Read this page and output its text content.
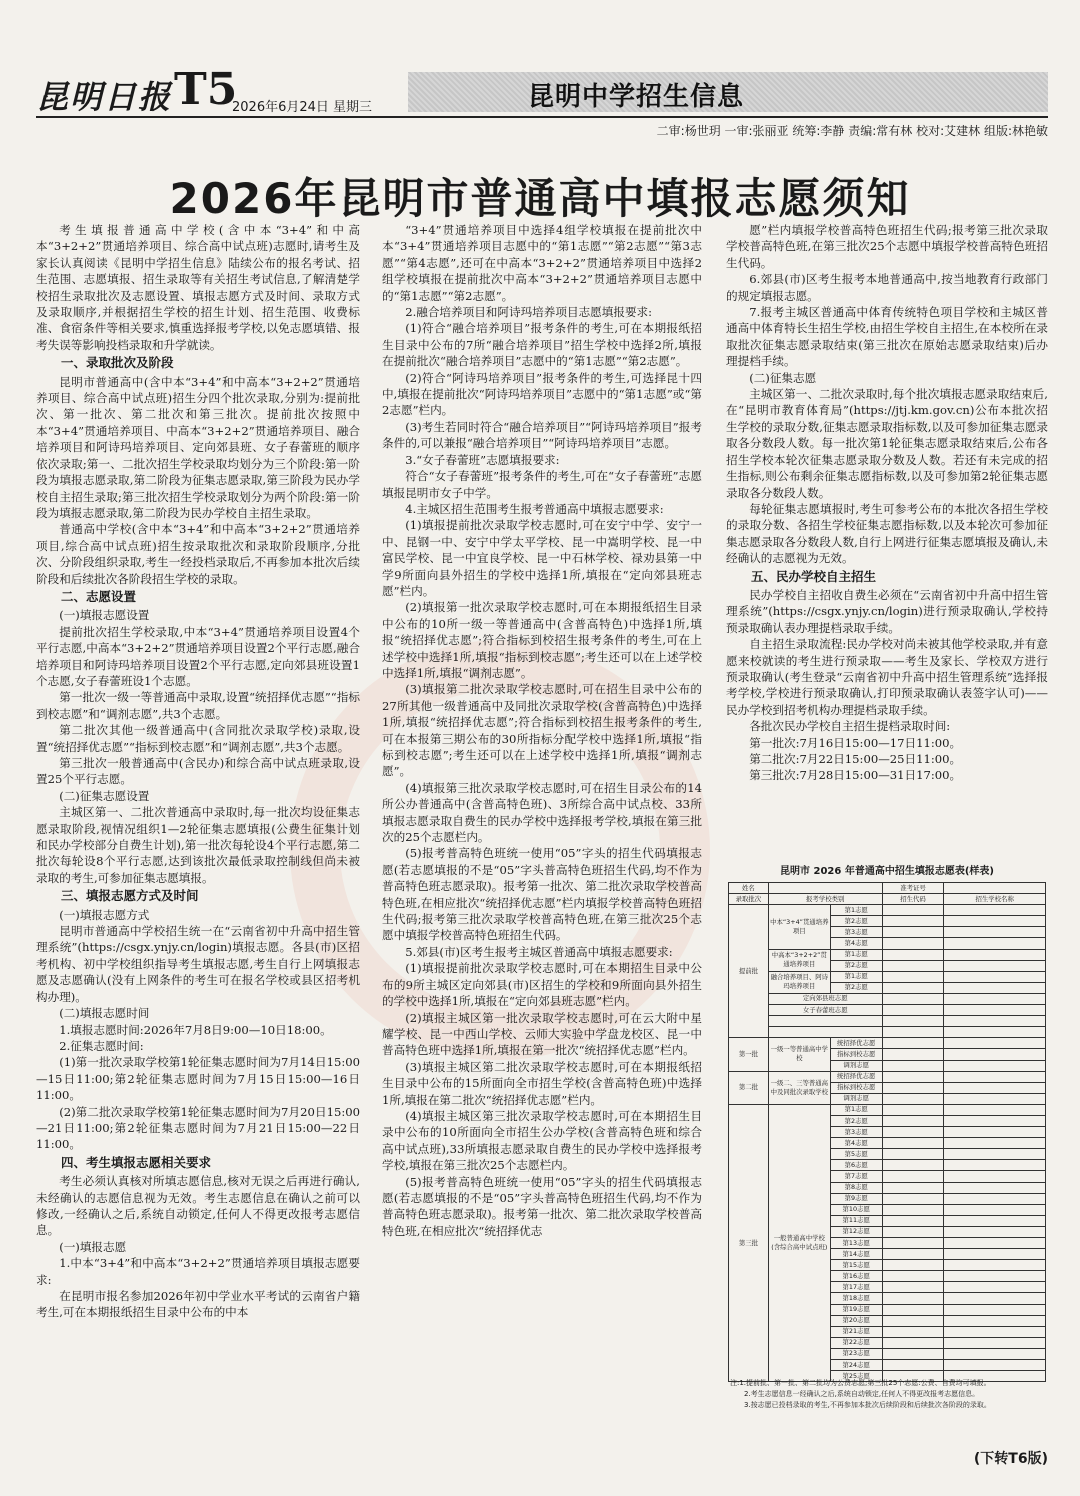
昆明日报 T5
2026年6月24日 星期三	昆明中学招生信息
二审:杨世玥 一审:张丽亚 统筹:李静 责编:常有林 校对:艾建林 组版:林艳敏
2026年昆明市普通高中填报志愿须知

考生填报普通高中学校(含中本“3+4”和中高本“3+2+2”贯通培养项目、综合高中试点班)志愿时,请考生及家长认真阅读《昆明中学招生信息》陆续公布的报名考试、招生范围、志愿填报、招生录取等有关招生考试信息,了解清楚学校招生录取批次及志愿设置、填报志愿方式及时间、录取方式及录取顺序,并根据招生学校的招生计划、招生范围、收费标准、食宿条件等相关要求,慎重选择报考学校,以免志愿填错、报考失误等影响投档录取和升学就读。

一、录取批次及阶段

昆明市普通高中(含中本“3+4”和中高本“3+2+2”贯通培养项目、综合高中试点班)招生分四个批次录取,分别为:提前批次、第一批次、第二批次和第三批次。提前批次按照中本“3+4”贯通培养项目、中高本“3+2+2”贯通培养项目、融合培养项目和阿诗玛培养项目、定向郊县班、女子春蕾班的顺序依次录取;第一、二批次招生学校录取均划分为三个阶段:第一阶段为填报志愿录取,第二阶段为征集志愿录取,第三阶段为民办学校自主招生录取;第三批次招生学校录取划分为两个阶段:第一阶段为填报志愿录取,第二阶段为民办学校自主招生录取。

普通高中学校(含中本“3+4”和中高本“3+2+2”贯通培养项目,综合高中试点班)招生按录取批次和录取阶段顺序,分批次、分阶段组织录取,考生一经投档录取后,不再参加本批次后续阶段和后续批次各阶段招生学校的录取。

二、志愿设置

(一)填报志愿设置

提前批次招生学校录取,中本“3+4”贯通培养项目设置4个平行志愿,中高本“3+2+2”贯通培养项目设置2个平行志愿,融合培养项目和阿诗玛培养项目设置2个平行志愿,定向郊县班设置1个志愿,女子春蕾班设1个志愿。

第一批次一级一等普通高中录取,设置“统招择优志愿”“指标到校志愿”和“调剂志愿”,共3个志愿。

第二批次其他一级普通高中(含同批次录取学校)录取,设置“统招择优志愿”“指标到校志愿”和“调剂志愿”,共3个志愿。

第三批次一般普通高中(含民办)和综合高中试点班录取,设置25个平行志愿。

(二)征集志愿设置

主城区第一、二批次普通高中录取时,每一批次均设征集志愿录取阶段,视情况组织1—2轮征集志愿填报(公费生征集计划和民办学校部分自费生计划),第一批次每轮设4个平行志愿,第二批次每轮设8个平行志愿,达到该批次最低录取控制线但尚未被录取的考生,可参加征集志愿填报。

三、填报志愿方式及时间

(一)填报志愿方式

昆明市普通高中学校招生统一在“云南省初中升高中招生管理系统”(https://csgx.ynjy.cn/login)填报志愿。各县(市)区招考机构、初中学校组织指导考生填报志愿,考生自行上网填报志愿及志愿确认(没有上网条件的考生可在报名学校或县区招考机构办理)。

(二)填报志愿时间

1.填报志愿时间:2026年7月8日9:00—10日18:00。

2.征集志愿时间:

(1)第一批次录取学校第1轮征集志愿时间为7月14日15:00—15日11:00;第2轮征集志愿时间为7月15日15:00—16日11:00。

(2)第二批次录取学校第1轮征集志愿时间为7月20日15:00—21日11:00;第2轮征集志愿时间为7月21日15:00—22日11:00。

四、考生填报志愿相关要求

考生必须认真核对所填志愿信息,核对无误之后再进行确认,未经确认的志愿信息视为无效。考生志愿信息在确认之前可以修改,一经确认之后,系统自动锁定,任何人不得更改报考志愿信息。

(一)填报志愿

1.中本“3+4”和中高本“3+2+2”贯通培养项目填报志愿要求:

在昆明市报名参加2026年初中学业水平考试的云南省户籍考生,可在本期报纸招生目录中公布的中本

“3+4”贯通培养项目中选择4组学校填报在提前批次中本“3+4”贯通培养项目志愿中的“第1志愿”“第2志愿”“第3志愿”“第4志愿”,还可在中高本“3+2+2”贯通培养项目中选择2组学校填报在提前批次中高本“3+2+2”贯通培养项目志愿中的“第1志愿”“第2志愿”。

2.融合培养项目和阿诗玛培养项目志愿填报要求:

(1)符合“融合培养项目”报考条件的考生,可在本期报纸招生目录中公布的7所“融合培养项目”招生学校中选择2所,填报在提前批次“融合培养项目”志愿中的“第1志愿”“第2志愿”。

(2)符合“阿诗玛培养项目”报考条件的考生,可选择昆十四中,填报在提前批次“阿诗玛培养项目”志愿中的“第1志愿”或“第2志愿”栏内。

(3)考生若同时符合“融合培养项目”“阿诗玛培养项目”报考条件的,可以兼报“融合培养项目”“阿诗玛培养项目”志愿。

3.“女子春蕾班”志愿填报要求:

符合“女子春蕾班”报考条件的考生,可在“女子春蕾班”志愿填报昆明市女子中学。

4.主城区招生范围考生报考普通高中填报志愿要求:

(1)填报提前批次录取学校志愿时,可在安宁中学、安宁一中、昆钢一中、安宁中学太平学校、昆一中嵩明学校、昆一中富民学校、昆一中宜良学校、昆一中石林学校、禄劝县第一中学9所面向县外招生的学校中选择1所,填报在“定向郊县班志愿”栏内。

(2)填报第一批次录取学校志愿时,可在本期报纸招生目录中公布的10所一级一等普通高中(含普高特色)中选择1所,填报“统招择优志愿”;符合指标到校招生报考条件的考生,可在上述学校中选择1所,填报“指标到校志愿”;考生还可以在上述学校中选择1所,填报“调剂志愿”。

(3)填报第二批次录取学校志愿时,可在招生目录中公布的27所其他一级普通高中及同批次录取学校(含普高特色)中选择1所,填报“统招择优志愿”;符合指标到校招生报考条件的考生,可在本报第三期公布的30所指标分配学校中选择1所,填报“指标到校志愿”;考生还可以在上述学校中选择1所,填报“调剂志愿”。

(4)填报第三批次录取学校志愿时,可在招生目录公布的14所公办普通高中(含普高特色班)、3所综合高中试点校、33所填报志愿录取自费生的民办学校中选择报考学校,填报在第三批次的25个志愿栏内。

(5)报考普高特色班统一使用“05”字头的招生代码填报志愿(若志愿填报的不是“05”字头普高特色班招生代码,均不作为普高特色班志愿录取)。报考第一批次、第二批次录取学校普高特色班,在相应批次“统招择优志愿”栏内填报学校普高特色班招生代码;报考第三批次录取学校普高特色班,在第三批次25个志愿中填报学校普高特色班招生代码。

5.郊县(市)区考生报考主城区普通高中填报志愿要求:

(1)填报提前批次录取学校志愿时,可在本期招生目录中公布的9所主城区定向郊县(市)区招生的学校和9所面向县外招生的学校中选择1所,填报在“定向郊县班志愿”栏内。

(2)填报主城区第一批次录取学校志愿时,可在云大附中星耀学校、昆一中西山学校、云师大实验中学盘龙校区、昆一中普高特色班中选择1所,填报在第一批次“统招择优志愿”栏内。

(3)填报主城区第二批次录取学校志愿时,可在本期报纸招生目录中公布的15所面向全市招生学校(含普高特色班)中选择1所,填报在第二批次“统招择优志愿”栏内。

(4)填报主城区第三批次录取学校志愿时,可在本期招生目录中公布的10所面向全市招生公办学校(含普高特色班和综合高中试点班),33所填报志愿录取自费生的民办学校中选择报考学校,填报在第三批次25个志愿栏内。

(5)报考普高特色班统一使用“05”字头的招生代码填报志愿(若志愿填报的不是“05”字头普高特色班招生代码,均不作为普高特色班志愿录取)。报考第一批次、第二批次录取学校普高特色班,在相应批次“统招择优志

愿”栏内填报学校普高特色班招生代码;报考第三批次录取学校普高特色班,在第三批次25个志愿中填报学校普高特色班招生代码。

6.郊县(市)区考生报考本地普通高中,按当地教育行政部门的规定填报志愿。

7.报考主城区普通高中体育传统特色项目学校和主城区普通高中体育特长生招生学校,由招生学校自主招生,在本校所在录取批次征集志愿录取结束(第三批次在原始志愿录取结束)后办理提档手续。

(二)征集志愿

主城区第一、二批次录取时,每个批次填报志愿录取结束后,在“昆明市教育体育局”(https://jtj.km.gov.cn)公布本批次招生学校的录取分数,征集志愿录取指标数,以及可参加征集志愿录取各分数段人数。每一批次第1轮征集志愿录取结束后,公布各招生学校本轮次征集志愿录取分数及人数。若还有未完成的招生指标,则公布剩余征集志愿指标数,以及可参加第2轮征集志愿录取各分数段人数。

每轮征集志愿填报时,考生可参考公布的本批次各招生学校的录取分数、各招生学校征集志愿指标数,以及本轮次可参加征集志愿录取各分数段人数,自行上网进行征集志愿填报及确认,未经确认的志愿视为无效。

五、民办学校自主招生

民办学校自主招收自费生必须在“云南省初中升高中招生管理系统”(https://csgx.ynjy.cn/login)进行预录取确认,学校持预录取确认表办理提档录取手续。

自主招生录取流程:民办学校对尚未被其他学校录取,并有意愿来校就读的考生进行预录取——考生及家长、学校双方进行预录取确认(考生登录“云南省初中升高中招生管理系统”选择报考学校,学校进行预录取确认,打印预录取确认表签字认可)——民办学校到招考机构办理提档录取手续。

各批次民办学校自主招生提档录取时间:

第一批次:7月16日15:00—17日11:00。

第二批次:7月22日15:00—25日11:00。

第三批次:7月28日15:00—31日17:00。

昆明市 2026 年普通高中招生填报志愿表(样表)
姓名			准考证号	
录取批次	报考学校类别		招生代码	招生学校名称
提前批	中本“3+4”贯通培养项目	第1志愿		
		第2志愿		
		第3志愿		
		第4志愿		
	中高本“3+2+2”贯通培养项目	第1志愿		
		第2志愿		
	融合培养项目、阿诗玛培养项目	第1志愿		
		第2志愿		
	定向郊县班志愿			
	女子春蕾班志愿			

第一批	一级一等普通高中学校	统招择优志愿		
		指标到校志愿		
		调剂志愿		
第二批	一级二、三等普通高中及同批次录取学校	统招择优志愿		
		指标到校志愿		
		调剂志愿		
第三批	一般普通高中学校(含综合高中试点班)	第1志愿		
		第2志愿		
		第3志愿		
		第4志愿		
		第5志愿		
		第6志愿		
		第7志愿		
		第8志愿		
		第9志愿		
		第10志愿		
		第11志愿		
		第12志愿		
		第13志愿		
		第14志愿		
		第15志愿		
		第16志愿		
		第17志愿		
		第18志愿		
		第19志愿		
		第20志愿		
		第21志愿		
		第22志愿		
		第23志愿		
		第24志愿		
		第25志愿		
注:1.提前批、第一批、第二批均为公费志愿;第三批25个志愿:公费、自费均可填报。
2.考生志愿信息一经确认之后,系统自动锁定,任何人不得更改报考志愿信息。
3.按志愿已投档录取的考生,不再参加本批次后续阶段和后续批次各阶段的录取。
(下转T6版)
